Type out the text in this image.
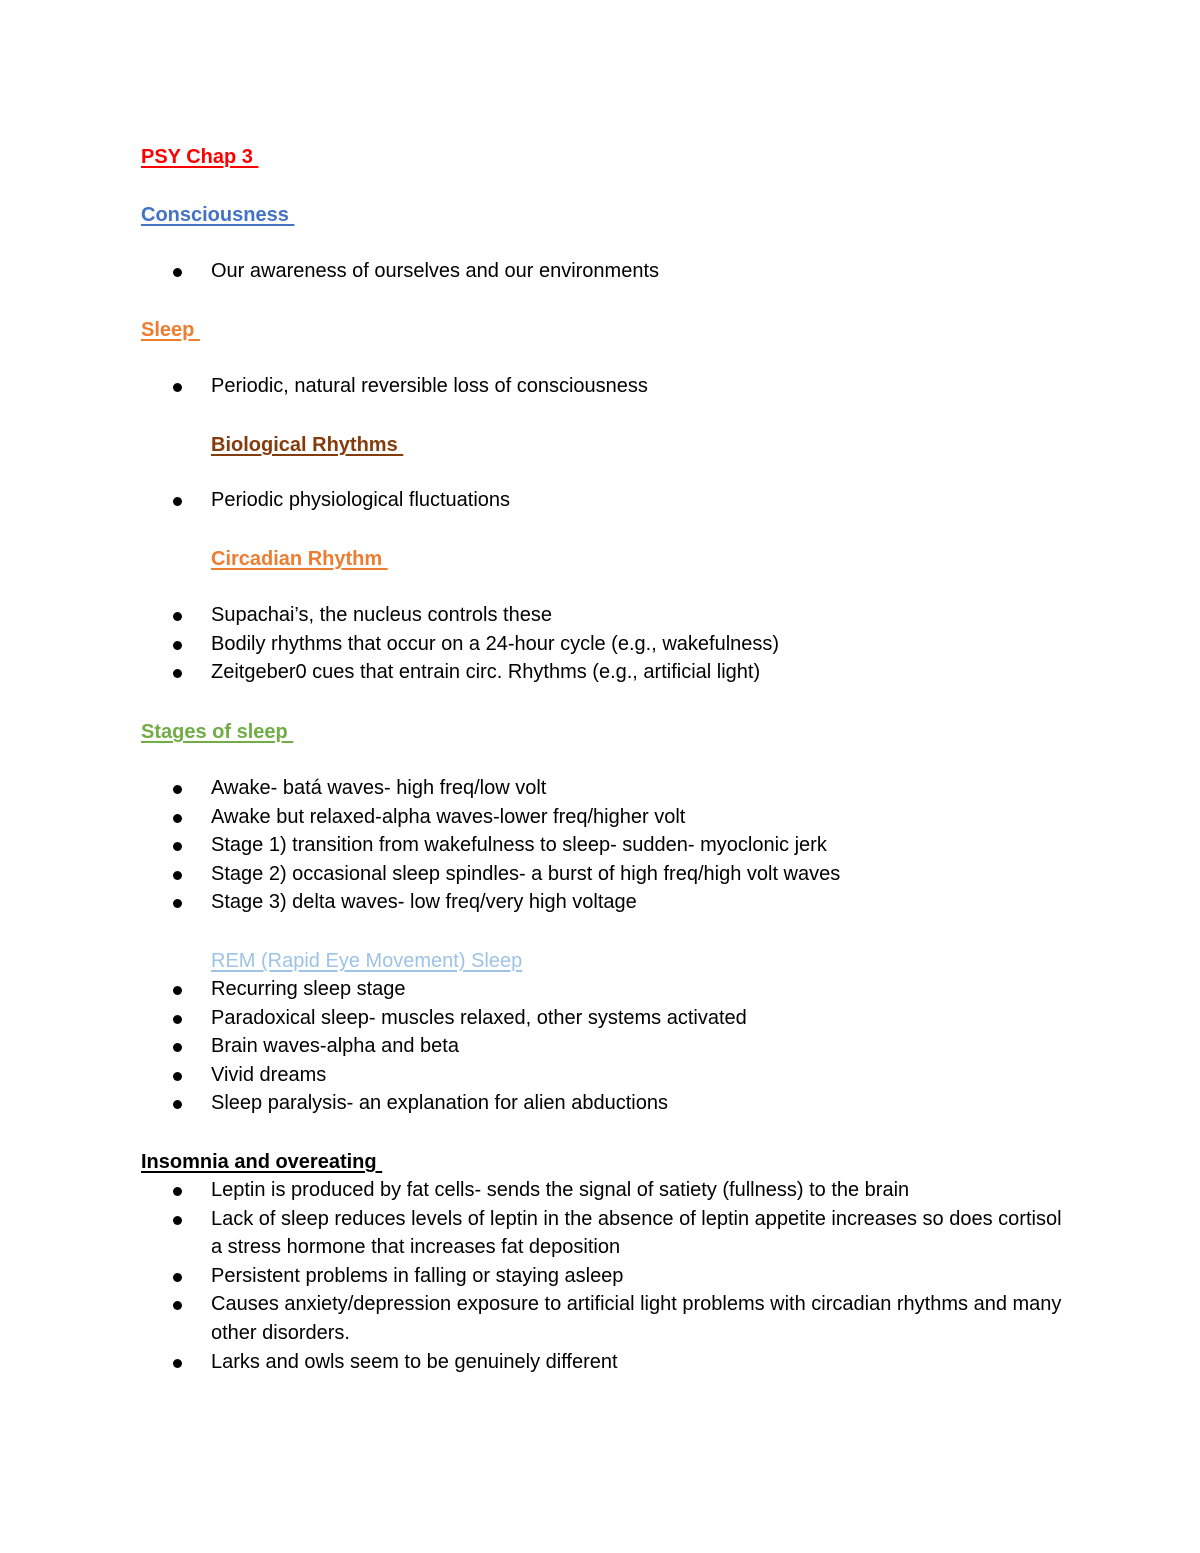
PSY Chap 3
Consciousness
Our awareness of ourselves and our environments
Sleep
Periodic, natural reversible loss of consciousness
Biological Rhythms
Periodic physiological fluctuations
Circadian Rhythm
Supachai’s, the nucleus controls these
Bodily rhythms that occur on a 24-hour cycle (e.g., wakefulness)
Zeitgeber0 cues that entrain circ. Rhythms (e.g., artificial light)
Stages of sleep
Awake- batá waves- high freq/low volt
Awake but relaxed-alpha waves-lower freq/higher volt
Stage 1) transition from wakefulness to sleep- sudden- myoclonic jerk
Stage 2) occasional sleep spindles- a burst of high freq/high volt waves
Stage 3) delta waves- low freq/very high voltage
REM (Rapid Eye Movement) Sleep
Recurring sleep stage
Paradoxical sleep- muscles relaxed, other systems activated
Brain waves-alpha and beta
Vivid dreams
Sleep paralysis- an explanation for alien abductions
Insomnia and overeating
Leptin is produced by fat cells- sends the signal of satiety (fullness) to the brain
Lack of sleep reduces levels of leptin in the absence of leptin appetite increases so does cortisol a stress hormone that increases fat deposition
Persistent problems in falling or staying asleep
Causes anxiety/depression exposure to artificial light problems with circadian rhythms and many other disorders.
Larks and owls seem to be genuinely different
